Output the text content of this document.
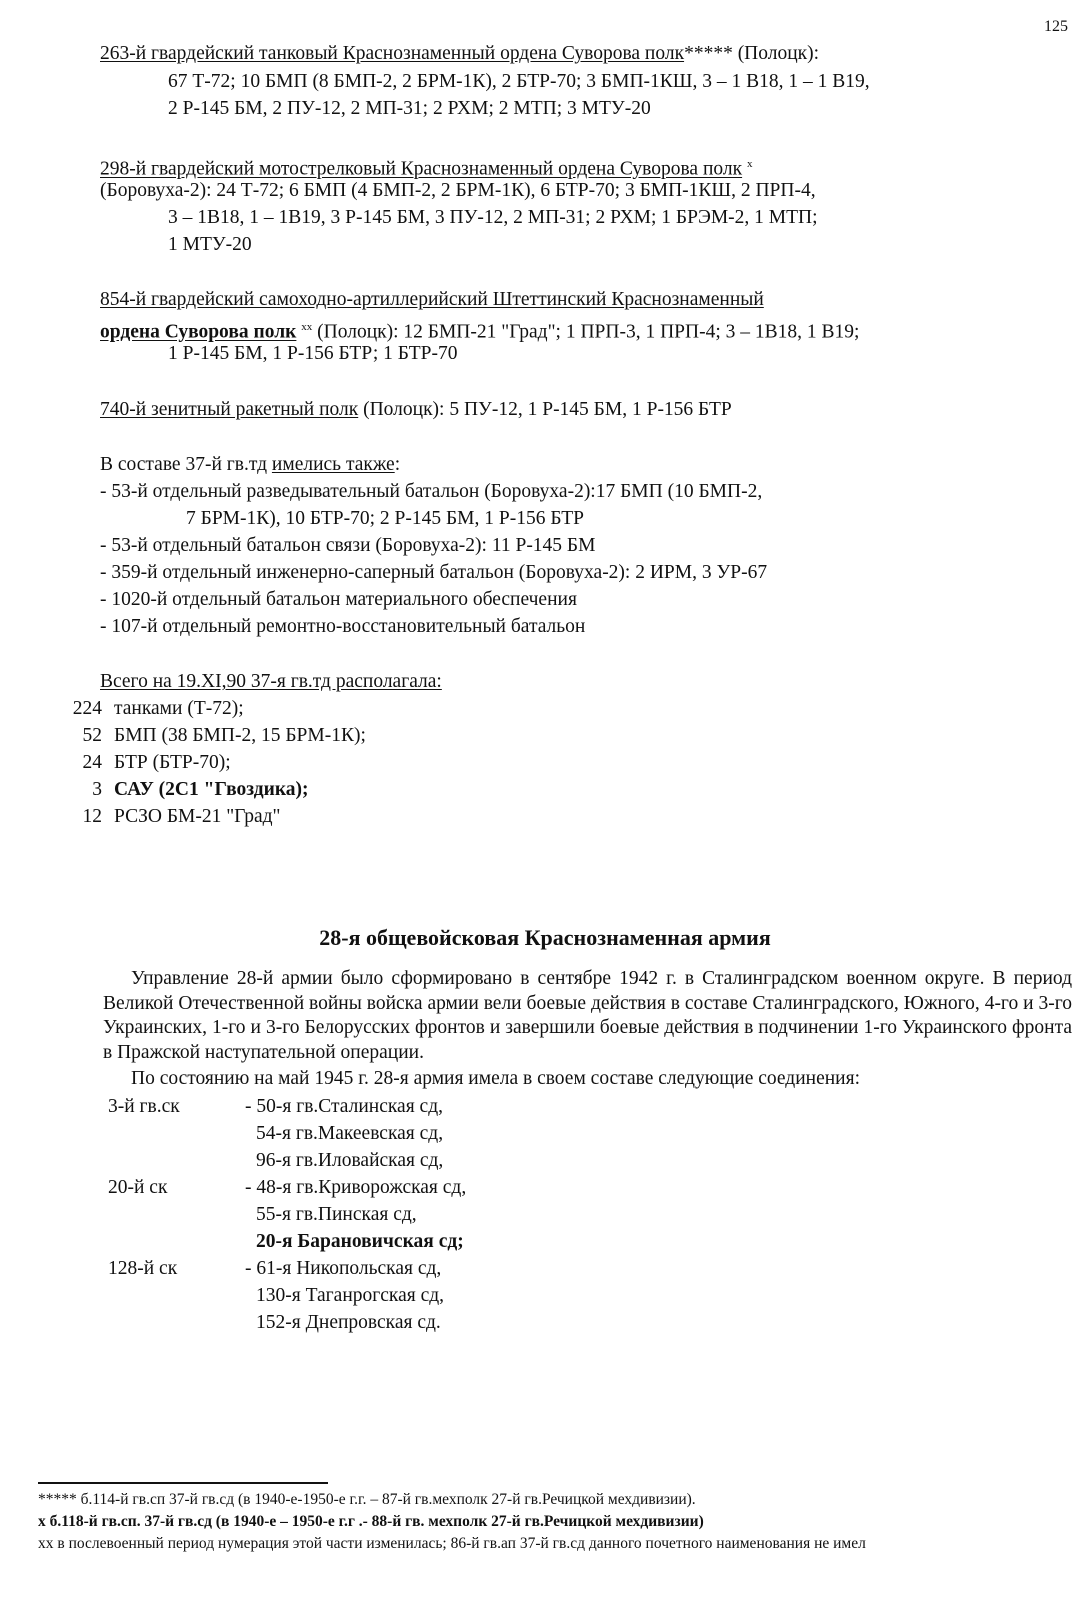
125
263-й гвардейский танковый Краснознаменный ордена Суворова полк***** (Полоцк):
67 Т-72; 10 БМП (8 БМП-2, 2 БРМ-1К), 2 БТР-70; 3 БМП-1КШ, 3 – 1 В18, 1 – 1 В19,
2 Р-145 БМ, 2 ПУ-12, 2 МП-31; 2 РХМ; 2 МТП; 3 МТУ-20
298-й гвардейский мотострелковый Краснознаменный ордена Суворова полк $^х$
(Боровуха-2): 24 Т-72; 6 БМП (4 БМП-2, 2 БРМ-1К), 6 БТР-70; 3 БМП-1КШ, 2 ПРП-4,
3 – 1В18, 1 – 1В19, 3 Р-145 БМ, 3 ПУ-12, 2 МП-31; 2 РХМ; 1 БРЭМ-2, 1 МТП;
1 МТУ-20
854-й гвардейский самоходно-артиллерийский Штеттинский Краснознаменный
ордена Суворова полк $^{хх}$ (Полоцк): 12 БМП-21 "Град"; 1 ПРП-3, 1 ПРП-4; 3 – 1В18, 1 В19;
1 Р-145 БМ, 1 Р-156 БТР; 1 БТР-70
740-й зенитный ракетный полк (Полоцк): 5 ПУ-12, 1 Р-145 БМ, 1 Р-156 БТР
В составе 37-й гв.тд имелись также:
- 53-й отдельный разведывательный батальон (Боровуха-2):17 БМП (10 БМП-2,
7 БРМ-1К), 10 БТР-70; 2 Р-145 БМ, 1 Р-156 БТР
- 53-й отдельный батальон связи (Боровуха-2): 11 Р-145 БМ
- 359-й отдельный инженерно-саперный батальон (Боровуха-2): 2 ИРМ, 3 УР-67
- 1020-й отдельный батальон материального обеспечения
- 107-й отдельный ремонтно-восстановительный батальон
Всего на 19.XI,90 37-я гв.тд располагала:
224 танками (Т-72);
52 БМП (38 БМП-2, 15 БРМ-1К);
24 БТР (БТР-70);
3 САУ (2С1 "Гвоздика);
12 РСЗО БМ-21 "Град"
28-я общевойсковая Краснознаменная армия
Управление 28-й армии было сформировано в сентябре 1942 г. в Сталинградском военном округе. В период Великой Отечественной войны войска армии вели боевые действия в составе Сталинградского, Южного, 4-го и 3-го Украинских, 1-го и 3-го Белорусских фронтов и завершили боевые действия в подчинении 1-го Украинского фронта в Пражской наступательной операции.
По состоянию на май 1945 г. 28-я армия имела в своем составе следующие соединения:
3-й гв.ск	- 50-я гв.Сталинская сд,
54-я гв.Макеевская сд,
96-я гв.Иловайская сд,
20-й ск	- 48-я гв.Криворожская сд,
55-я гв.Пинская сд,
20-я Барановичская сд;
128-й ск	- 61-я Никопольская сд,
130-я Таганрогская сд,
152-я Днепровская сд.
***** б.114-й гв.сп 37-й гв.сд (в 1940-е-1950-е г.г. – 87-й гв.мехполк 27-й гв.Речицкой мехдивизии).
х б.118-й гв.сп. 37-й гв.сд (в 1940-е – 1950-е г.г .- 88-й гв. мехполк 27-й гв.Речицкой мехдивизии)
хх в послевоенный период нумерация этой части изменилась; 86-й гв.ап 37-й гв.сд данного почетного наименования не имел
